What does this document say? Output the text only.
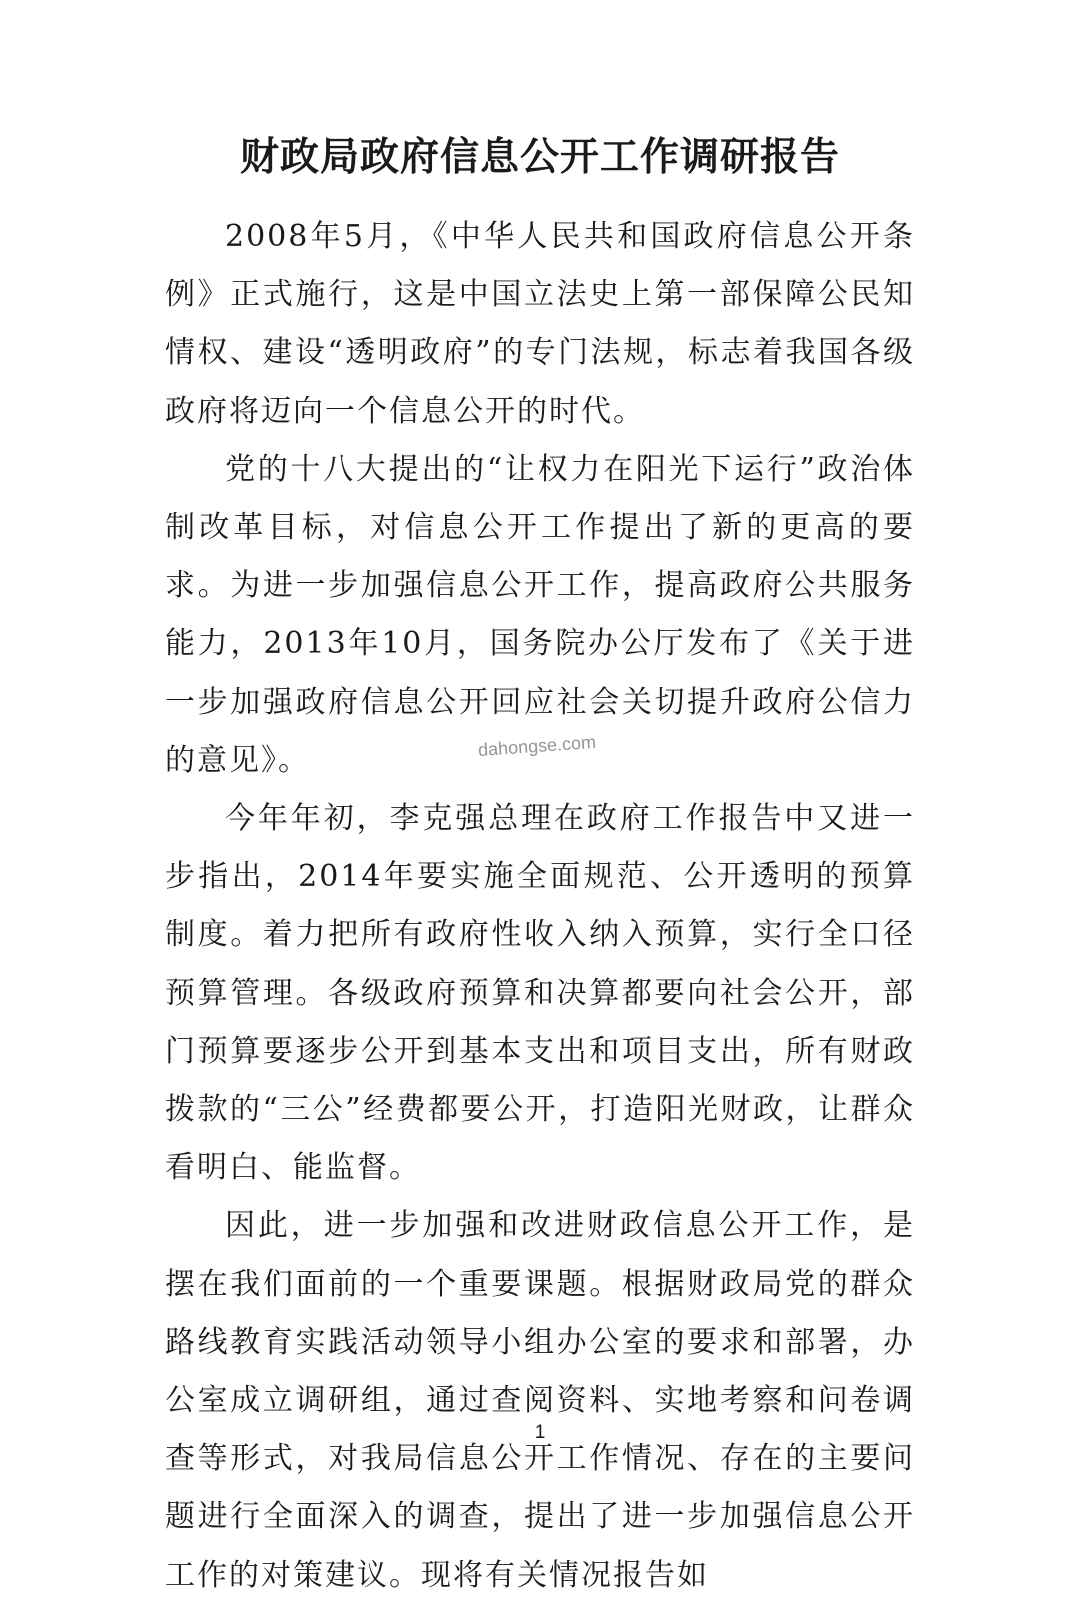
财政局政府信息公开工作调研报告

2008年5月，《中华人民共和国政府信息公开条例》正式施行，这是中国立法史上第一部保障公民知情权、建设“透明政府”的专门法规，标志着我国各级政府将迈向一个信息公开的时代。

党的十八大提出的“让权力在阳光下运行”政治体制改革目标，对信息公开工作提出了新的更高的要求。为进一步加强信息公开工作，提高政府公共服务能力，2013年10月，国务院办公厅发布了《关于进一步加强政府信息公开回应社会关切提升政府公信力的意见》。

今年年初，李克强总理在政府工作报告中又进一步指出，2014年要实施全面规范、公开透明的预算制度。着力把所有政府性收入纳入预算，实行全口径预算管理。各级政府预算和决算都要向社会公开，部门预算要逐步公开到基本支出和项目支出，所有财政拨款的“三公”经费都要公开，打造阳光财政，让群众看明白、能监督。

因此，进一步加强和改进财政信息公开工作，是摆在我们面前的一个重要课题。根据财政局党的群众路线教育实践活动领导小组办公室的要求和部署，办公室成立调研组，通过查阅资料、实地考察和问卷调查等形式，对我局信息公开工作情况、存在的主要问题进行全面深入的调查，提出了进一步加强信息公开工作的对策建议。现将有关情况报告如

dahongse.com
1
